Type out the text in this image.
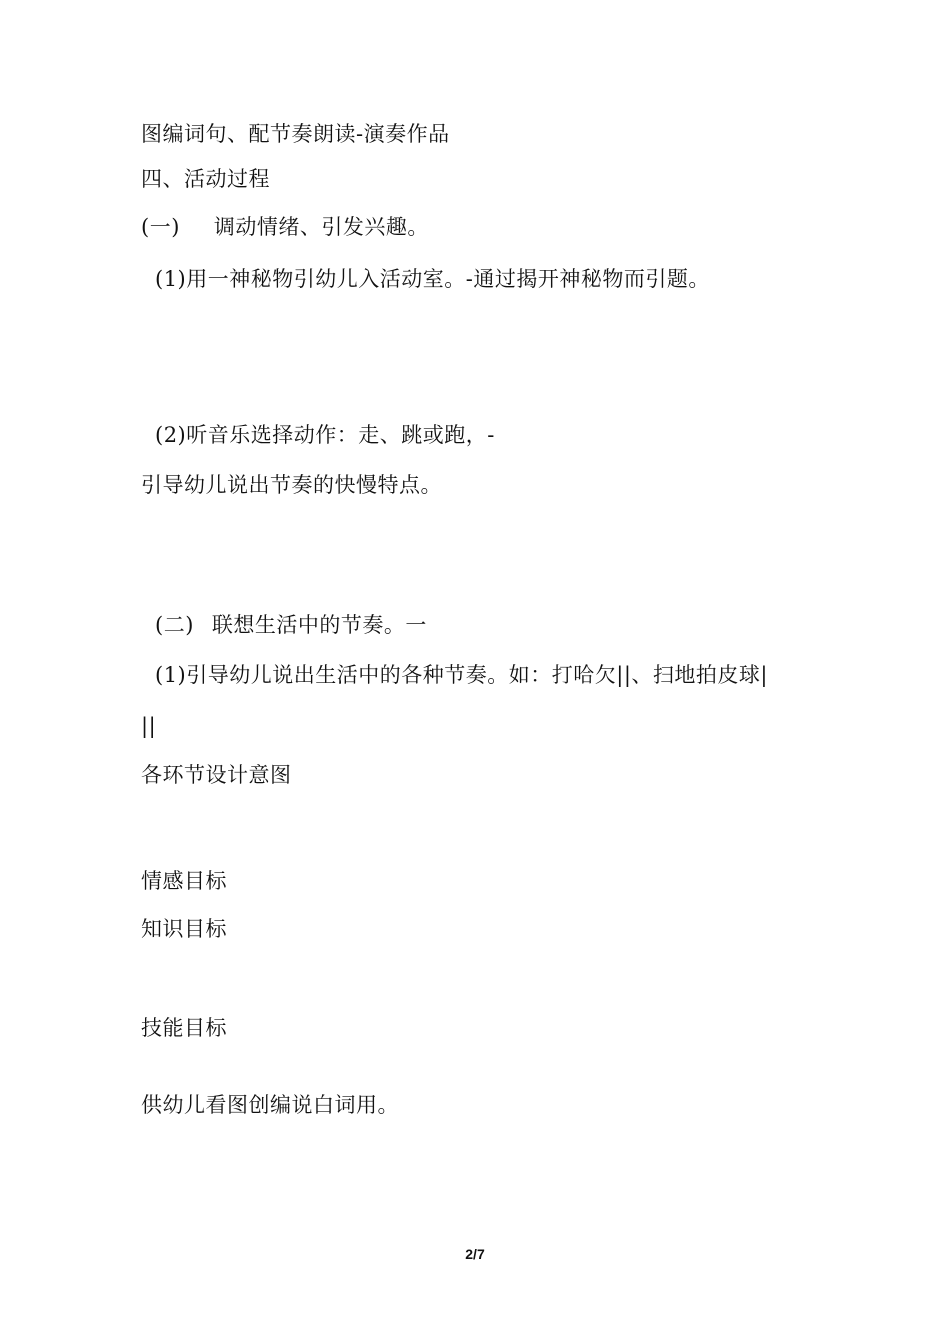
图编词句、配节奏朗读-演奏作品
四、活动过程
(一) 调动情绪、引发兴趣。
(1)用一神秘物引幼儿入活动室。-通过揭开神秘物而引题。
(2)听音乐选择动作：走、跳或跑，-
引导幼儿说出节奏的快慢特点。
(二) 联想生活中的节奏。一
(1)引导幼儿说出生活中的各种节奏。如：打哈欠||、扫地拍皮球|
||
各环节设计意图
情感目标
知识目标
技能目标
供幼儿看图创编说白词用。
2/7
